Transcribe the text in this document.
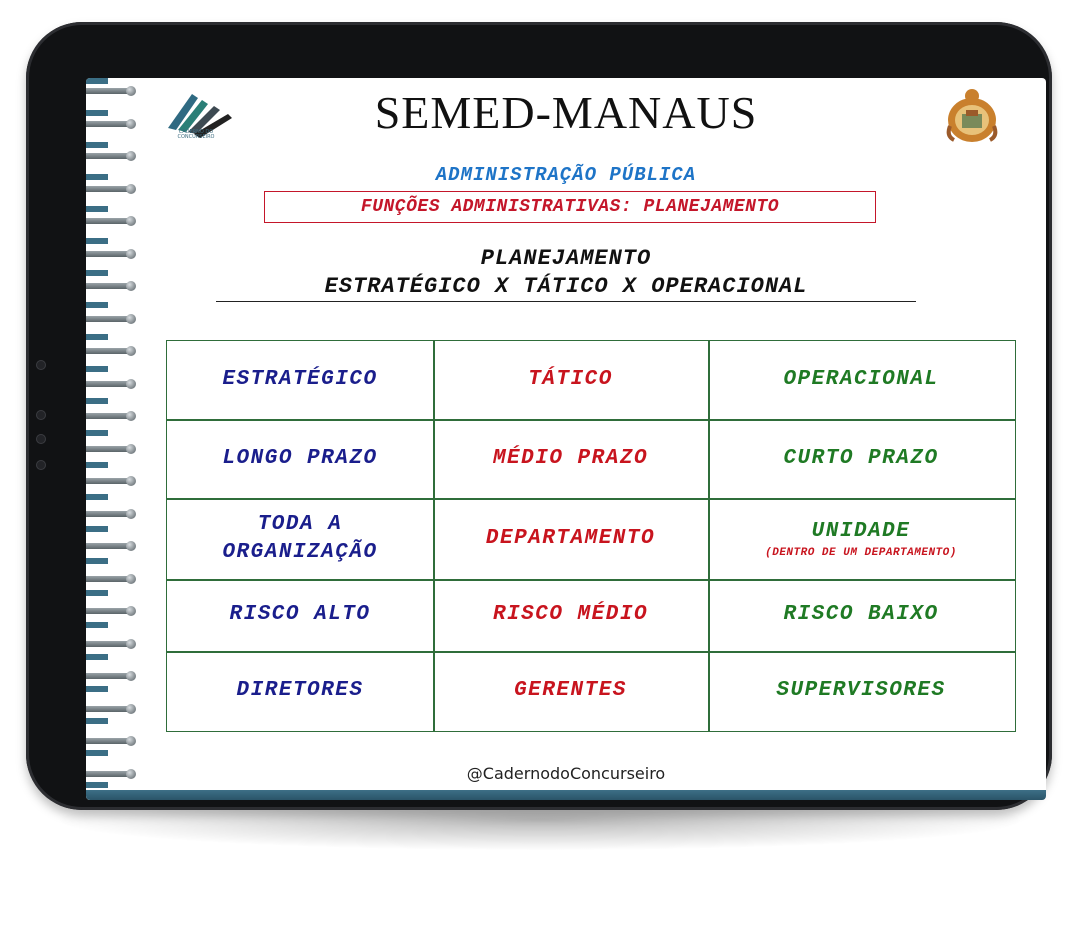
CADERNO DO CONCURSEIRO	SEMED-MANAUS
ADMINISTRAÇÃO PÚBLICA
FUNÇÕES ADMINISTRATIVAS: PLANEJAMENTO
PLANEJAMENTO
ESTRATÉGICO X TÁTICO X OPERACIONAL
ESTRATÉGICO
LONGO PRAZO
TODA A
ORGANIZAÇÃO
RISCO ALTO
DIRETORES
TÁTICO
MÉDIO PRAZO
DEPARTAMENTO
RISCO MÉDIO
GERENTES
OPERACIONAL
CURTO PRAZO
UNIDADE
(DENTRO DE UM DEPARTAMENTO)
RISCO BAIXO
SUPERVISORES
@CadernodoConcurseiro
